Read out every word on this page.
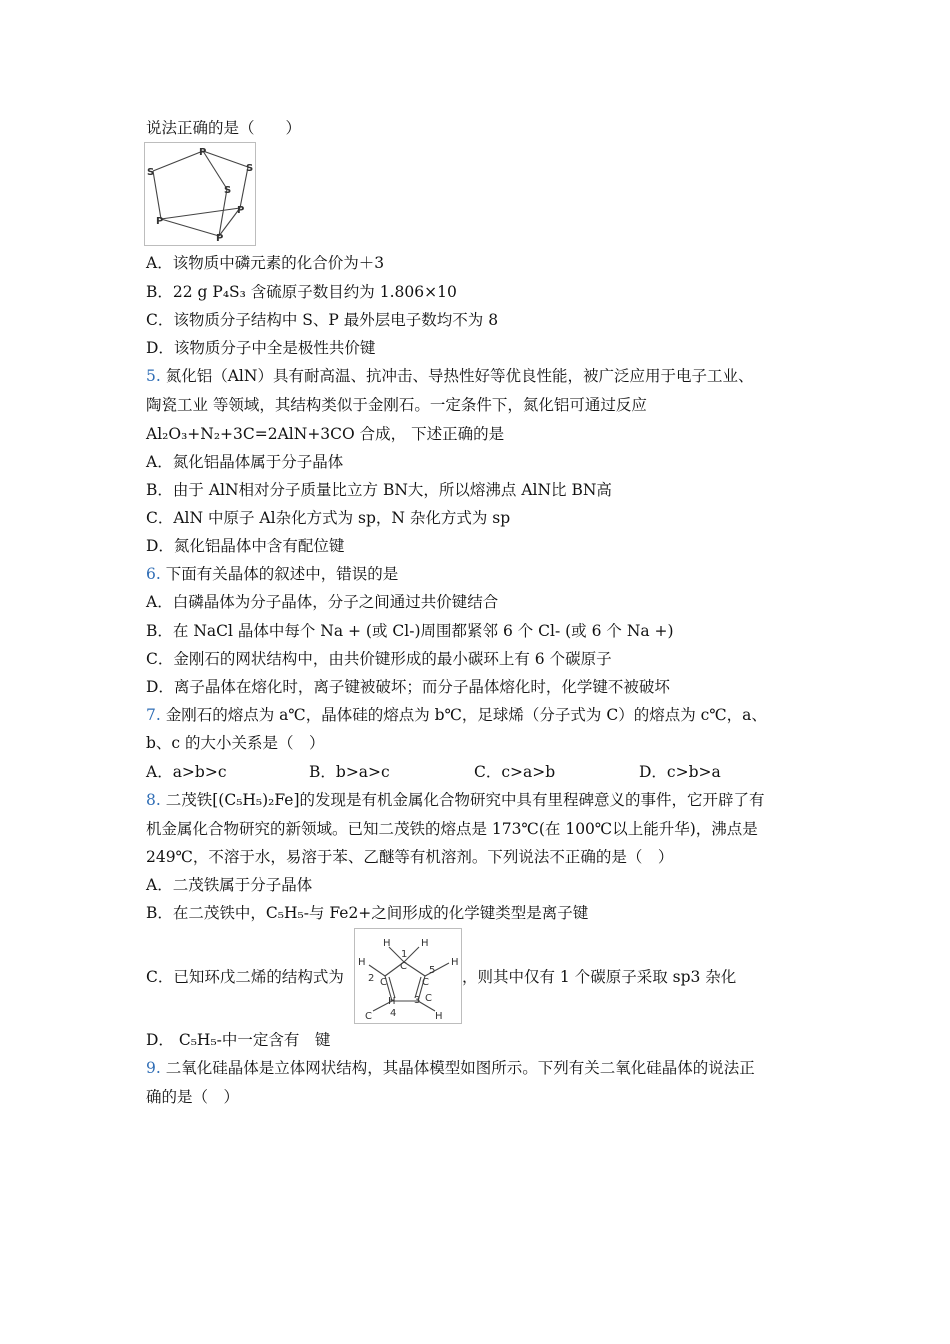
说法正确的是（　　）
P
S	S
S
P
P
P
A．该物质中磷元素的化合价为＋3
B．22 g P₄S₃ 含硫原子数目约为 1.806×10
C．该物质分子结构中 S、P 最外层电子数均不为 8
D．该物质分子中全是极性共价键
5. 氮化铝（AlN）具有耐高温、抗冲击、导热性好等优良性能，被广泛应用于电子工业、
陶瓷工业 等领域，其结构类似于金刚石。一定条件下，氮化铝可通过反应
Al₂O₃+N₂+3C=2AlN+3CO 合成， 下述正确的是
A．氮化铝晶体属于分子晶体
B．由于 AlN相对分子质量比立方 BN大，所以熔沸点 AlN比 BN高
C．AlN 中原子 Al杂化方式为 sp，N 杂化方式为 sp
D．氮化铝晶体中含有配位键
6. 下面有关晶体的叙述中，错误的是
A．白磷晶体为分子晶体，分子之间通过共价键结合
B．在 NaCl 晶体中每个 Na + (或 Cl-)周围都紧邻 6 个 Cl- (或 6 个 Na +)
C．金刚石的网状结构中，由共价键形成的最小碳环上有 6 个碳原子
D．离子晶体在熔化时，离子键被破坏；而分子晶体熔化时，化学键不被破坏
7. 金刚石的熔点为 a℃，晶体硅的熔点为 b℃，足球烯（分子式为 C）的熔点为 c℃，a、
b、c 的大小关系是（　）
A．a>b>c	B．b>a>c	C．c>a>b	D．c>b>a
8. 二茂铁[(C₅H₅)₂Fe]的发现是有机金属化合物研究中具有里程碑意义的事件，它开辟了有
机金属化合物研究的新领域。已知二茂铁的熔点是 173℃(在 100℃以上能升华)，沸点是
249℃，不溶于水，易溶于苯、乙醚等有机溶剂。下列说法不正确的是（　）
A．二茂铁属于分子晶体
B．在二茂铁中，C₅H₅-与 Fe2+之间形成的化学键类型是离子键
C．已知环戊二烯的结构式为
H	H
1
C	H
5
C
H
2 C
C
4
3
C	H
H
，则其中仅有 1 个碳原子采取 sp3 杂化
D． C₅H₅-中一定含有　键
9. 二氧化硅晶体是立体网状结构，其晶体模型如图所示。下列有关二氧化硅晶体的说法正
确的是（　）
